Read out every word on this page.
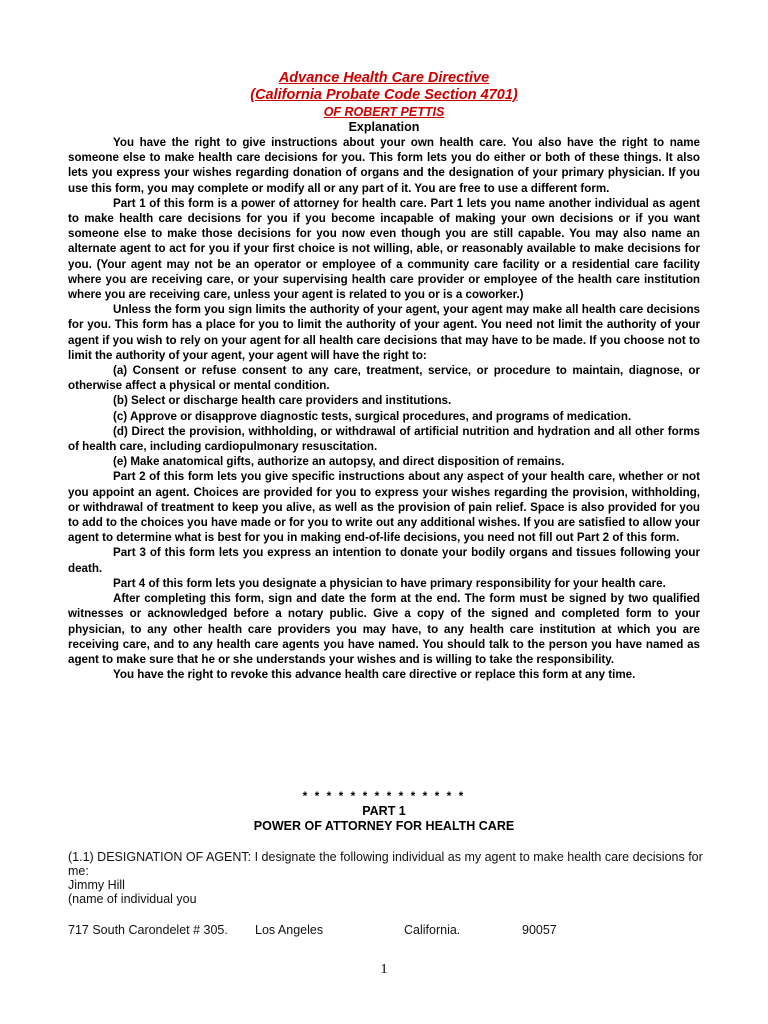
Advance Health Care Directive

(California Probate Code Section 4701)

OF ROBERT PETTIS

Explanation

You have the right to give instructions about your own health care. You also have the right to name someone else to make health care decisions for you. This form lets you do either or both of these things. It also lets you express your wishes regarding donation of organs and the designation of your primary physician. If you use this form, you may complete or modify all or any part of it. You are free to use a different form.

Part 1 of this form is a power of attorney for health care. Part 1 lets you name another individual as agent to make health care decisions for you if you become incapable of making your own decisions or if you want someone else to make those decisions for you now even though you are still capable. You may also name an alternate agent to act for you if your first choice is not willing, able, or reasonably available to make decisions for you. (Your agent may not be an operator or employee of a community care facility or a residential care facility where you are receiving care, or your supervising health care provider or employee of the health care institution where you are receiving care, unless your agent is related to you or is a coworker.)

Unless the form you sign limits the authority of your agent, your agent may make all health care decisions for you. This form has a place for you to limit the authority of your agent. You need not limit the authority of your agent if you wish to rely on your agent for all health care decisions that may have to be made. If you choose not to limit the authority of your agent, your agent will have the right to:

(a) Consent or refuse consent to any care, treatment, service, or procedure to maintain, diagnose, or otherwise affect a physical or mental condition.

(b) Select or discharge health care providers and institutions.

(c) Approve or disapprove diagnostic tests, surgical procedures, and programs of medication.

(d) Direct the provision, withholding, or withdrawal of artificial nutrition and hydration and all other forms of health care, including cardiopulmonary resuscitation.

(e) Make anatomical gifts, authorize an autopsy, and direct disposition of remains.

Part 2 of this form lets you give specific instructions about any aspect of your health care, whether or not you appoint an agent. Choices are provided for you to express your wishes regarding the provision, withholding, or withdrawal of treatment to keep you alive, as well as the provision of pain relief. Space is also provided for you to add to the choices you have made or for you to write out any additional wishes. If you are satisfied to allow your agent to determine what is best for you in making end-of-life decisions, you need not fill out Part 2 of this form.

Part 3 of this form lets you express an intention to donate your bodily organs and tissues following your death.

Part 4 of this form lets you designate a physician to have primary responsibility for your health care.

After completing this form, sign and date the form at the end. The form must be signed by two qualified witnesses or acknowledged before a notary public. Give a copy of the signed and completed form to your physician, to any other health care providers you may have, to any health care institution at which you are receiving care, and to any health care agents you have named. You should talk to the person you have named as agent to make sure that he or she understands your wishes and is willing to take the responsibility.

You have the right to revoke this advance health care directive or replace this form at any time.

* * * * * * * * * * * * * *

PART 1

POWER OF ATTORNEY FOR HEALTH CARE

(1.1) DESIGNATION OF AGENT: I designate the following individual as my agent to make health care decisions for me:
Jimmy Hill
(name of individual you

717 South Carondelet # 305. Los Angeles	California.	90057

1
